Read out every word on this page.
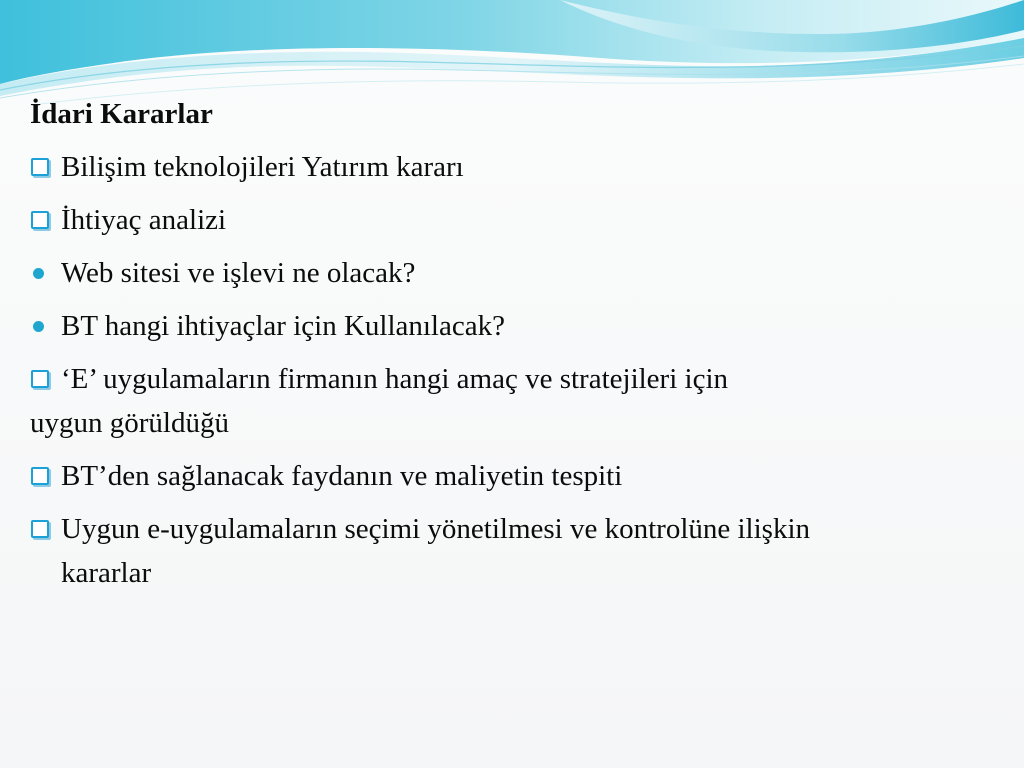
İdari Kararlar
Bilişim teknolojileri Yatırım kararı
İhtiyaç analizi
Web sitesi ve işlevi ne olacak?
BT hangi ihtiyaçlar için Kullanılacak?
‘E’ uygulamaların firmanın hangi amaç ve stratejileri için
uygun görüldüğü
BT’den sağlanacak faydanın ve maliyetin tespiti
Uygun e-uygulamaların seçimi yönetilmesi ve kontrolüne ilişkin kararlar
